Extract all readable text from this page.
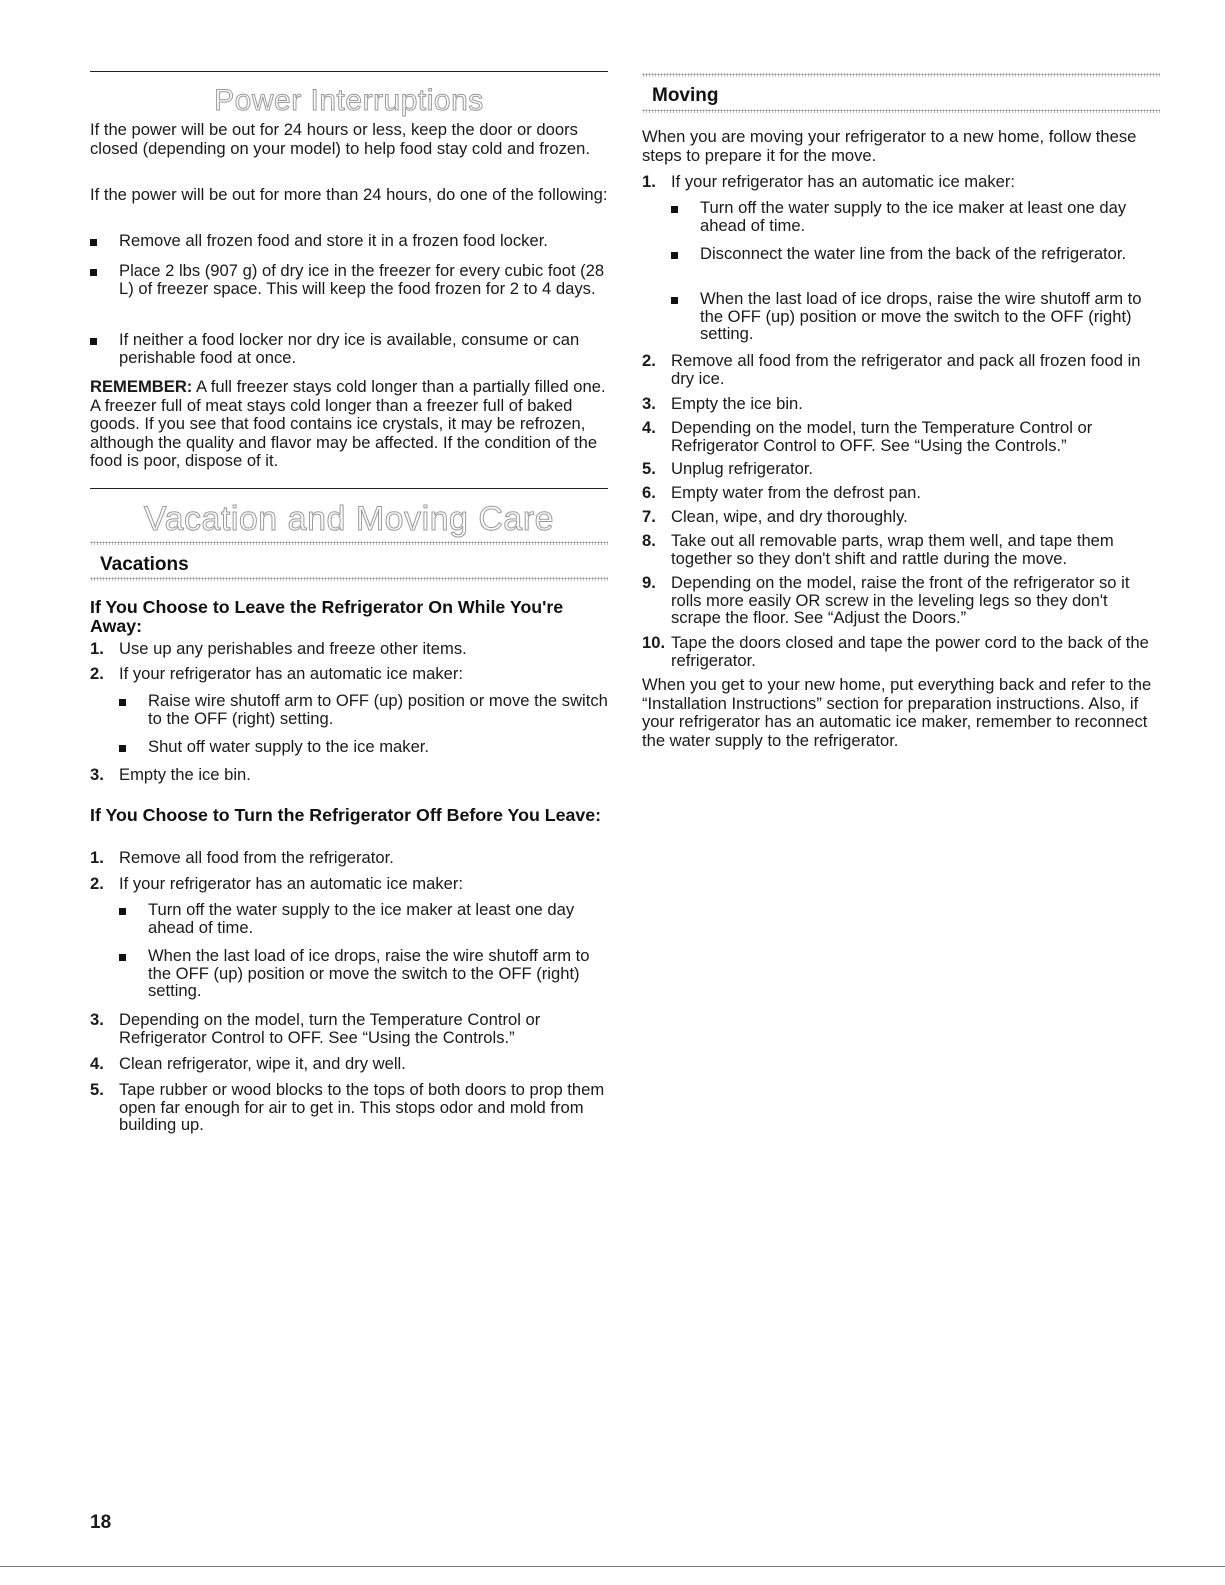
Power Interruptions

If the power will be out for 24 hours or less, keep the door or doors closed (depending on your model) to help food stay cold and frozen.

If the power will be out for more than 24 hours, do one of the following:

Remove all frozen food and store it in a frozen food locker.
Place 2 lbs (907 g) of dry ice in the freezer for every cubic foot (28 L) of freezer space. This will keep the food frozen for 2 to 4 days.
If neither a food locker nor dry ice is available, consume or can perishable food at once.

REMEMBER: A full freezer stays cold longer than a partially filled one. A freezer full of meat stays cold longer than a freezer full of baked goods. If you see that food contains ice crystals, it may be refrozen, although the quality and flavor may be affected. If the condition of the food is poor, dispose of it.

Vacation and Moving Care
Vacations

If You Choose to Leave the Refrigerator On While You're Away:

1. Use up any perishables and freeze other items.
2. If your refrigerator has an automatic ice maker:
Raise wire shutoff arm to OFF (up) position or move the switch to the OFF (right) setting.
Shut off water supply to the ice maker.
3. Empty the ice bin.

If You Choose to Turn the Refrigerator Off Before You Leave:

1. Remove all food from the refrigerator.
2. If your refrigerator has an automatic ice maker:
Turn off the water supply to the ice maker at least one day ahead of time.
When the last load of ice drops, raise the wire shutoff arm to the OFF (up) position or move the switch to the OFF (right) setting.
3. Depending on the model, turn the Temperature Control or Refrigerator Control to OFF. See “Using the Controls.”
4. Clean refrigerator, wipe it, and dry well.
5. Tape rubber or wood blocks to the tops of both doors to prop them open far enough for air to get in. This stops odor and mold from building up.
Moving

When you are moving your refrigerator to a new home, follow these steps to prepare it for the move.

1. If your refrigerator has an automatic ice maker:
Turn off the water supply to the ice maker at least one day ahead of time.
Disconnect the water line from the back of the refrigerator.
When the last load of ice drops, raise the wire shutoff arm to the OFF (up) position or move the switch to the OFF (right) setting.
2. Remove all food from the refrigerator and pack all frozen food in dry ice.
3. Empty the ice bin.
4. Depending on the model, turn the Temperature Control or Refrigerator Control to OFF. See “Using the Controls.”
5. Unplug refrigerator.
6. Empty water from the defrost pan.
7. Clean, wipe, and dry thoroughly.
8. Take out all removable parts, wrap them well, and tape them together so they don't shift and rattle during the move.
9. Depending on the model, raise the front of the refrigerator so it rolls more easily OR screw in the leveling legs so they don't scrape the floor. See “Adjust the Doors.”
10. Tape the doors closed and tape the power cord to the back of the refrigerator.

When you get to your new home, put everything back and refer to the “Installation Instructions” section for preparation instructions. Also, if your refrigerator has an automatic ice maker, remember to reconnect the water supply to the refrigerator.

18
